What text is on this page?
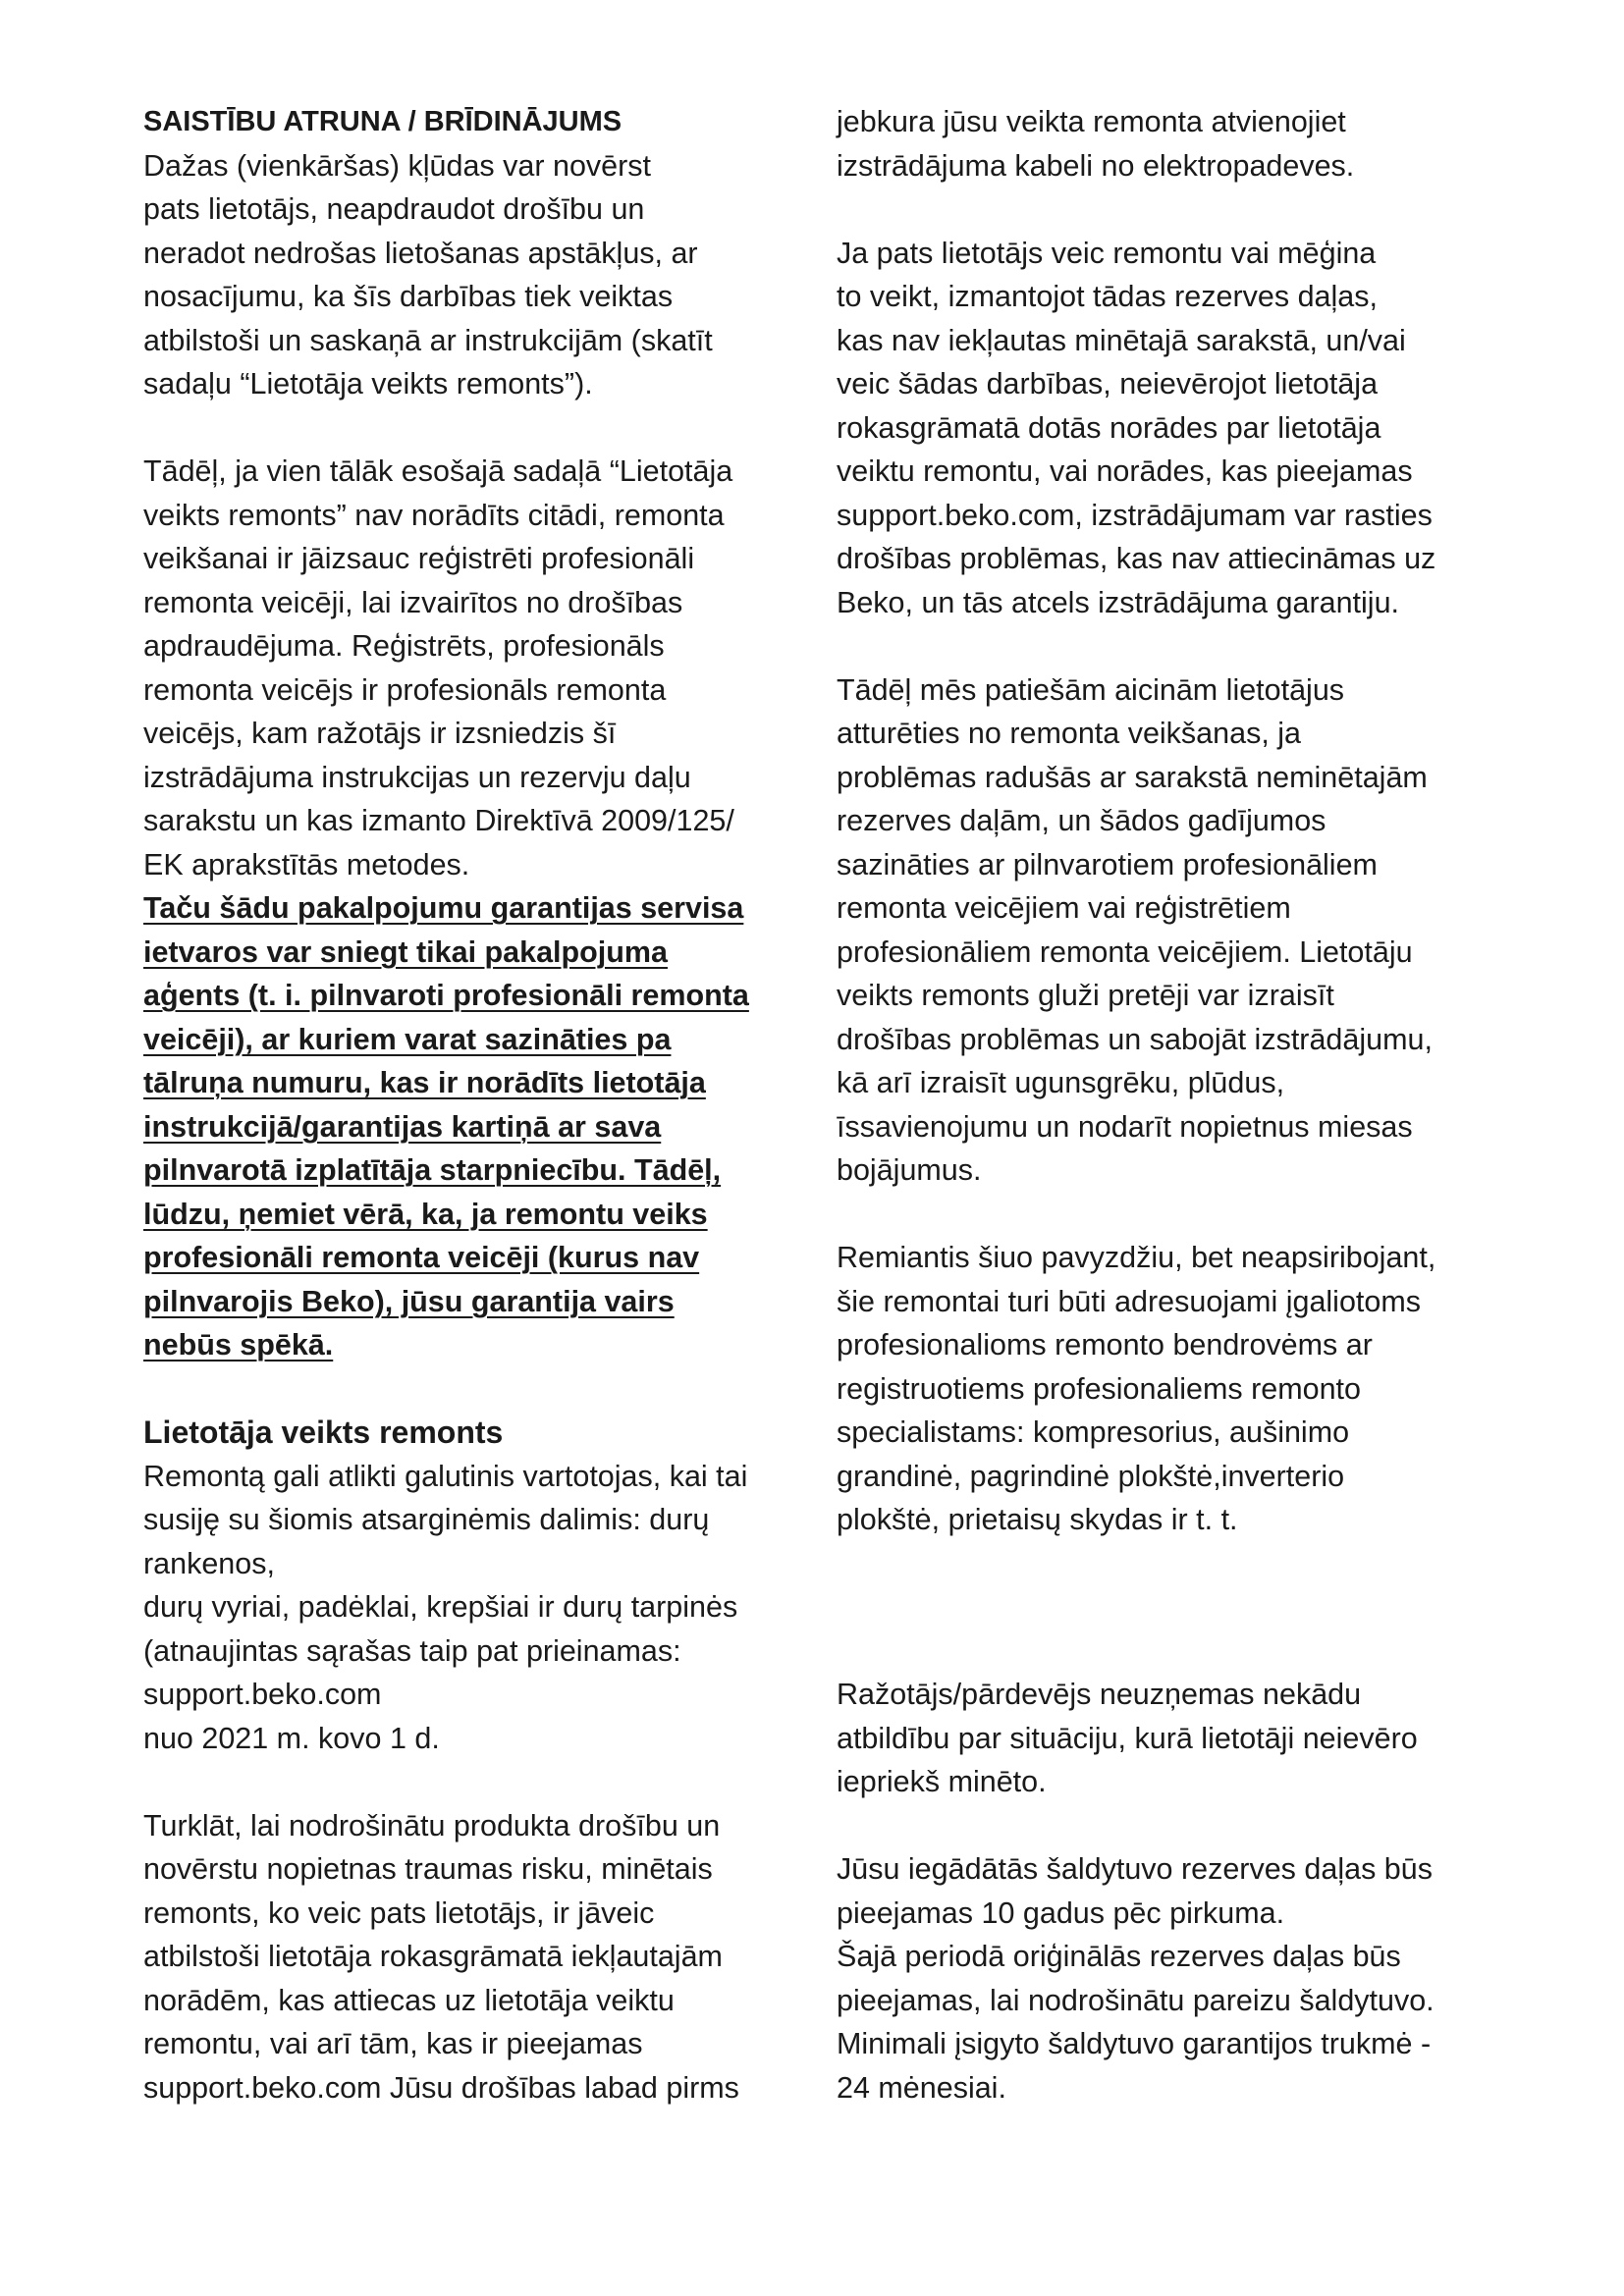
SAISTĪBU ATRUNA / BRĪDINĀJUMS
Dažas (vienkāršas) kļūdas var novērst
pats lietotājs, neapdraudot drošību un
neradot nedrošas lietošanas apstākļus, ar
nosacījumu, ka šīs darbības tiek veiktas
atbilstoši un saskaņā ar instrukcijām (skatīt
sadaļu “Lietotāja veikts remonts”).
Tādēļ, ja vien tālāk esošajā sadaļā “Lietotāja
veikts remonts” nav norādīts citādi, remonta
veikšanai ir jāizsauc reģistrēti profesionāli
remonta veicēji, lai izvairītos no drošības
apdraudējuma. Reģistrēts, profesionāls
remonta veicējs ir profesionāls remonta
veicējs, kam ražotājs ir izsniedzis šī
izstrādājuma instrukcijas un rezervju daļu
sarakstu un kas izmanto Direktīvā 2009/125/
EK aprakstītās metodes.
Taču šādu pakalpojumu garantijas servisa
ietvaros var sniegt tikai pakalpojuma
aģents (t. i. pilnvaroti profesionāli remonta
veicēji), ar kuriem varat sazināties pa
tālruņa numuru, kas ir norādīts lietotāja
instrukcijā/garantijas kartiņā ar sava
pilnvarotā izplatītāja starpniecību. Tādēļ,
lūdzu, ņemiet vērā, ka, ja remontu veiks
profesionāli remonta veicēji (kurus nav
pilnvarojis Beko), jūsu garantija vairs
nebūs spēkā.
Lietotāja veikts remonts
Remontą gali atlikti galutinis vartotojas, kai tai
susiję su šiomis atsarginėmis dalimis: durų
rankenos,
durų vyriai, padėklai, krepšiai ir durų tarpinės
(atnaujintas sąrašas taip pat prieinamas:
support.beko.com
nuo 2021 m. kovo 1 d.
Turklāt, lai nodrošinātu produkta drošību un
novērstu nopietnas traumas risku, minētais
remonts, ko veic pats lietotājs, ir jāveic
atbilstoši lietotāja rokasgrāmatā iekļautajām
norādēm, kas attiecas uz lietotāja veiktu
remontu, vai arī tām, kas ir pieejamas
support.beko.com Jūsu drošības labad pirms
jebkura jūsu veikta remonta atvienojiet
izstrādājuma kabeli no elektropadeves.
Ja pats lietotājs veic remontu vai mēģina
to veikt, izmantojot tādas rezerves daļas,
kas nav iekļautas minētajā sarakstā, un/vai
veic šādas darbības, neievērojot lietotāja
rokasgrāmatā dotās norādes par lietotāja
veiktu remontu, vai norādes, kas pieejamas
support.beko.com, izstrādājumam var rasties
drošības problēmas, kas nav attiecināmas uz
Beko, un tās atcels izstrādājuma garantiju.
Tādēļ mēs patiešām aicinām lietotājus
atturēties no remonta veikšanas, ja
problēmas radušās ar sarakstā neminētajām
rezerves daļām, un šādos gadījumos
sazināties ar pilnvarotiem profesionāliem
remonta veicējiem vai reģistrētiem
profesionāliem remonta veicējiem. Lietotāju
veikts remonts gluži pretēji var izraisīt
drošības problēmas un sabojāt izstrādājumu,
kā arī izraisīt ugunsgrēku, plūdus,
īssavienojumu un nodarīt nopietnus miesas
bojājumus.
Remiantis šiuo pavyzdžiu, bet neapsiribojant,
šie remontai turi būti adresuojami įgaliotoms
profesionalioms remonto bendrovėms ar
registruotiems profesionaliems remonto
specialistams: kompresorius, aušinimo
grandinė, pagrindinė plokštė,inverterio
plokštė, prietaisų skydas ir t. t.
Ražotājs/pārdevējs neuzņemas nekādu
atbildību par situāciju, kurā lietotāji neievēro
iepriekš minēto.
Jūsu iegādātās šaldytuvo rezerves daļas būs
pieejamas 10 gadus pēc pirkuma.
Šajā periodā oriģinālās rezerves daļas būs
pieejamas, lai nodrošinātu pareizu šaldytuvo.
Minimali įsigyto šaldytuvo garantijos trukmė -
24 mėnesiai.
